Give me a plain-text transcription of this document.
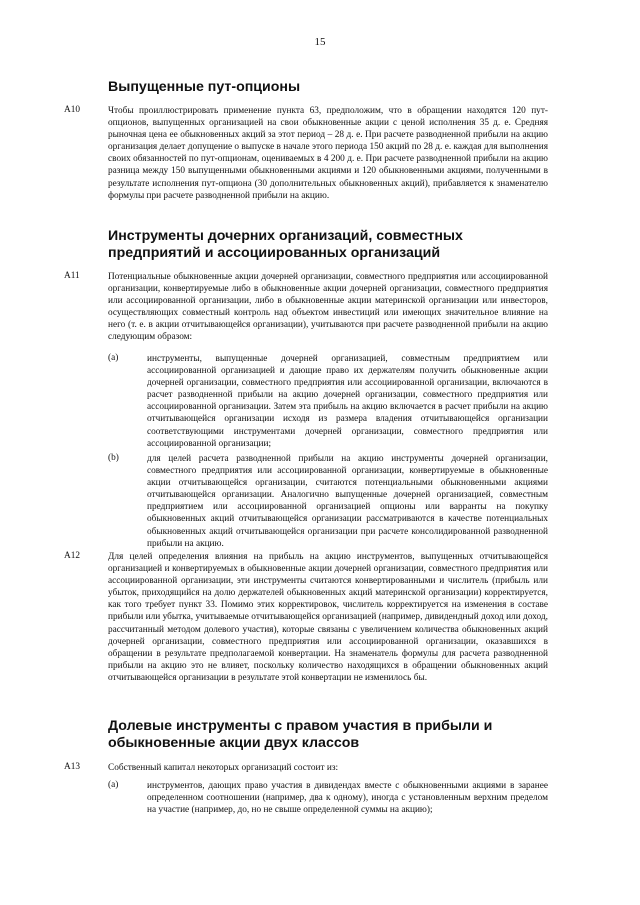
15
Выпущенные пут-опционы
A10	Чтобы проиллюстрировать применение пункта 63, предположим, что в обращении находятся 120 пут-опционов, выпущенных организацией на свои обыкновенные акции с ценой исполнения 35 д. е. Средняя рыночная цена ее обыкновенных акций за этот период – 28 д. е. При расчете разводненной прибыли на акцию организация делает допущение о выпуске в начале этого периода 150 акций по 28 д. е. каждая для выполнения своих обязанностей по пут-опционам, оцениваемых в 4 200 д. е. При расчете разводненной прибыли на акцию разница между 150 выпущенными обыкновенными акциями и 120 обыкновенными акциями, полученными в результате исполнения пут-опциона (30 дополнительных обыкновенных акций), прибавляется к знаменателю формулы при расчете разводненной прибыли на акцию.

Инструменты дочерних организаций, совместных
предприятий и ассоциированных организаций
A11	Потенциальные обыкновенные акции дочерней организации, совместного предприятия или ассоциированной организации, конвертируемые либо в обыкновенные акции дочерней организации, совместного предприятия или ассоциированной организации, либо в обыкновенные акции материнской организации или инвесторов, осуществляющих совместный контроль над объектом инвестиций или имеющих значительное влияние на него (т. е. в акции отчитывающейся организации), учитываются при расчете разводненной прибыли на акцию следующим образом:

(a)	инструменты, выпущенные дочерней организацией, совместным предприятием или ассоциированной организацией и дающие право их держателям получить обыкновенные акции дочерней организации, совместного предприятия или ассоциированной организации, включаются в расчет разводненной прибыли на акцию дочерней организации, совместного предприятия или ассоциированной организации. Затем эта прибыль на акцию включается в расчет прибыли на акцию отчитывающейся организации исходя из размера владения отчитывающейся организации соответствующими инструментами дочерней организации, совместного предприятия или ассоциированной организации;

(b)	для целей расчета разводненной прибыли на акцию инструменты дочерней организации, совместного предприятия или ассоциированной организации, конвертируемые в обыкновенные акции отчитывающейся организации, считаются потенциальными обыкновенными акциями отчитывающейся организации. Аналогично выпущенные дочерней организацией, совместным предприятием или ассоциированной организацией опционы или варранты на покупку обыкновенных акций отчитывающейся организации рассматриваются в качестве потенциальных обыкновенных акций отчитывающейся организации при расчете консолидированной разводненной прибыли на акцию.

A12	Для целей определения влияния на прибыль на акцию инструментов, выпущенных отчитывающейся организацией и конвертируемых в обыкновенные акции дочерней организации, совместного предприятия или ассоциированной организации, эти инструменты считаются конвертированными и числитель (прибыль или убыток, приходящийся на долю держателей обыкновенных акций материнской организации) корректируется, как того требует пункт 33. Помимо этих корректировок, числитель корректируется на изменения в составе прибыли или убытка, учитываемые отчитывающейся организацией (например, дивидендный доход или доход, рассчитанный методом долевого участия), которые связаны с увеличением количества обыкновенных акций дочерней организации, совместного предприятия или ассоциированной организации, оказавшихся в обращении в результате предполагаемой конвертации. На знаменатель формулы для расчета разводненной прибыли на акцию это не влияет, поскольку количество находящихся в обращении обыкновенных акций отчитывающейся организации в результате этой конвертации не изменилось бы.

Долевые инструменты с правом участия в прибыли и
обыкновенные акции двух классов
A13	Собственный капитал некоторых организаций состоит из:

(a)	инструментов, дающих право участия в дивидендах вместе с обыкновенными акциями в заранее определенном соотношении (например, два к одному), иногда с установленным верхним пределом на участие (например, до, но не свыше определенной суммы на акцию);
